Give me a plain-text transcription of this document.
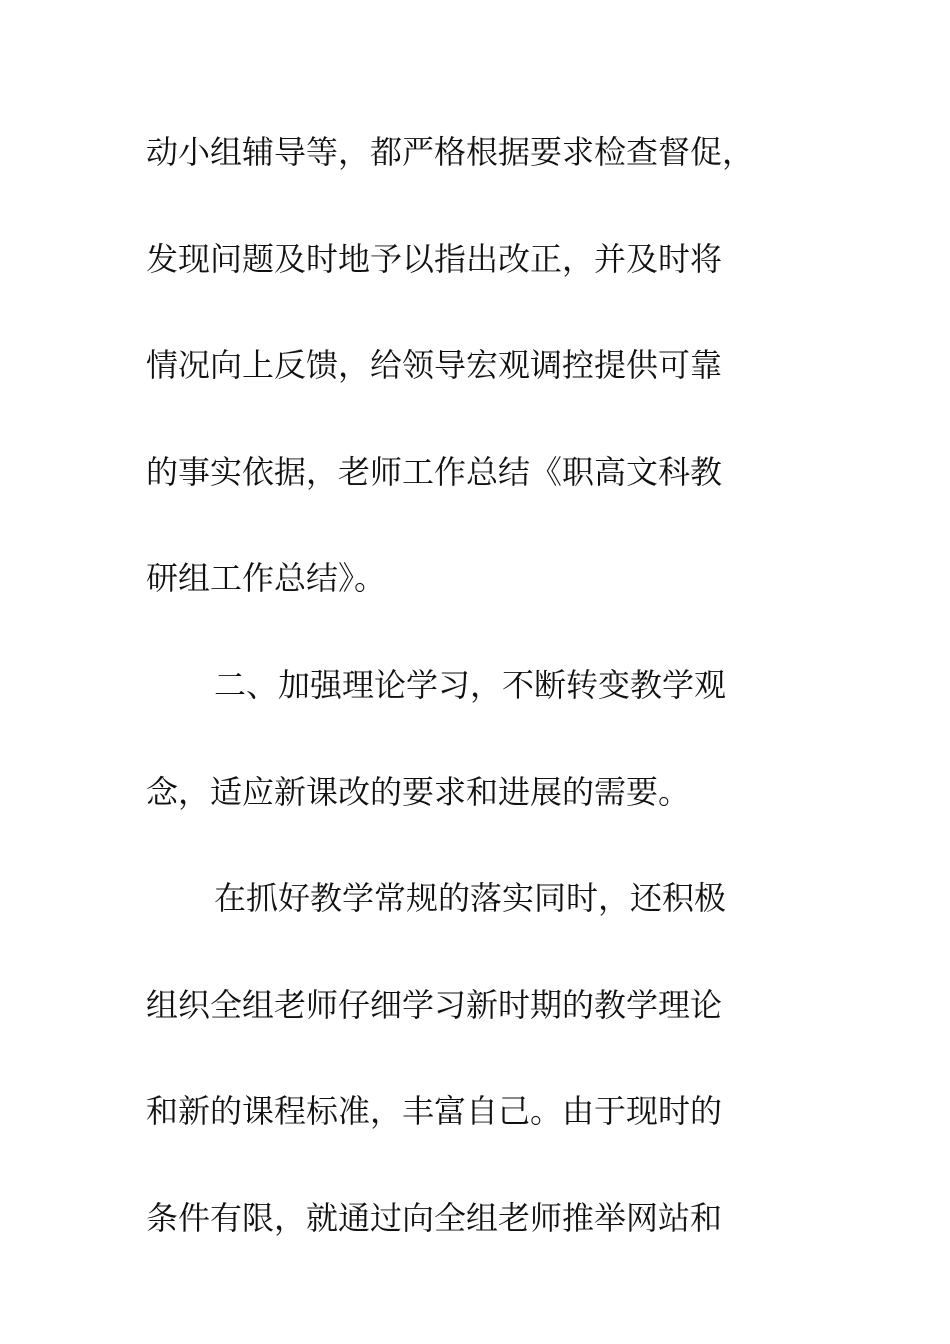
动小组辅导等，都严格根据要求检查督促，
发现问题及时地予以指出改正，并及时将
情况向上反馈，给领导宏观调控提供可靠
的事实依据，老师工作总结《职高文科教
研组工作总结》。
二、加强理论学习，不断转变教学观
念，适应新课改的要求和进展的需要。
在抓好教学常规的落实同时，还积极
组织全组老师仔细学习新时期的教学理论
和新的课程标准，丰富自己。由于现时的
条件有限，就通过向全组老师推举网站和
